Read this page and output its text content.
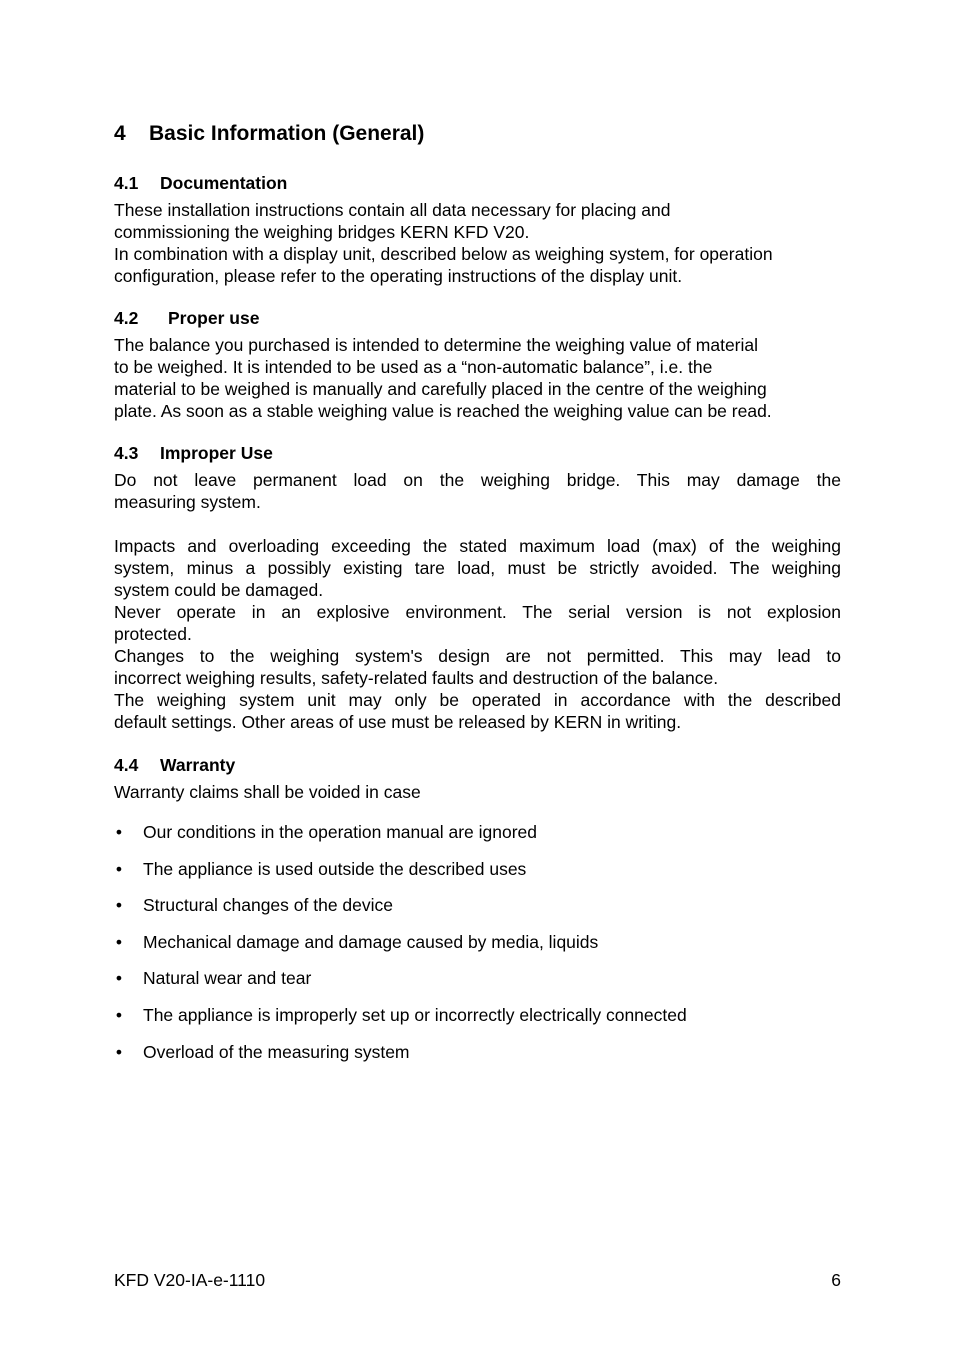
4 Basic Information (General)
4.1 Documentation
These installation instructions contain all data necessary for placing and
commissioning the weighing bridges KERN KFD V20.
In combination with a display unit, described below as weighing system, for operation
configuration, please refer to the operating instructions of the display unit.
4.2 Proper use
The balance you purchased is intended to determine the weighing value of material
to be weighed. It is intended to be used as a “non-automatic balance”, i.e. the
material to be weighed is manually and carefully placed in the centre of the weighing
plate. As soon as a stable weighing value is reached the weighing value can be read.
4.3 Improper Use
Do not leave permanent load on the weighing bridge. This may damage the
measuring system.
Impacts and overloading exceeding the stated maximum load (max) of the weighing
system, minus a possibly existing tare load, must be strictly avoided. The weighing
system could be damaged.
Never operate in an explosive environment. The serial version is not explosion
protected.
Changes to the weighing system's design are not permitted. This may lead to
incorrect weighing results, safety-related faults and destruction of the balance.
The weighing system unit may only be operated in accordance with the described
default settings. Other areas of use must be released by KERN in writing.
4.4 Warranty
Warranty claims shall be voided in case
• Our conditions in the operation manual are ignored
• The appliance is used outside the described uses
• Structural changes of the device
• Mechanical damage and damage caused by media, liquids
• Natural wear and tear
• The appliance is improperly set up or incorrectly electrically connected
• Overload of the measuring system
KFD V20-IA-e-1110	6
